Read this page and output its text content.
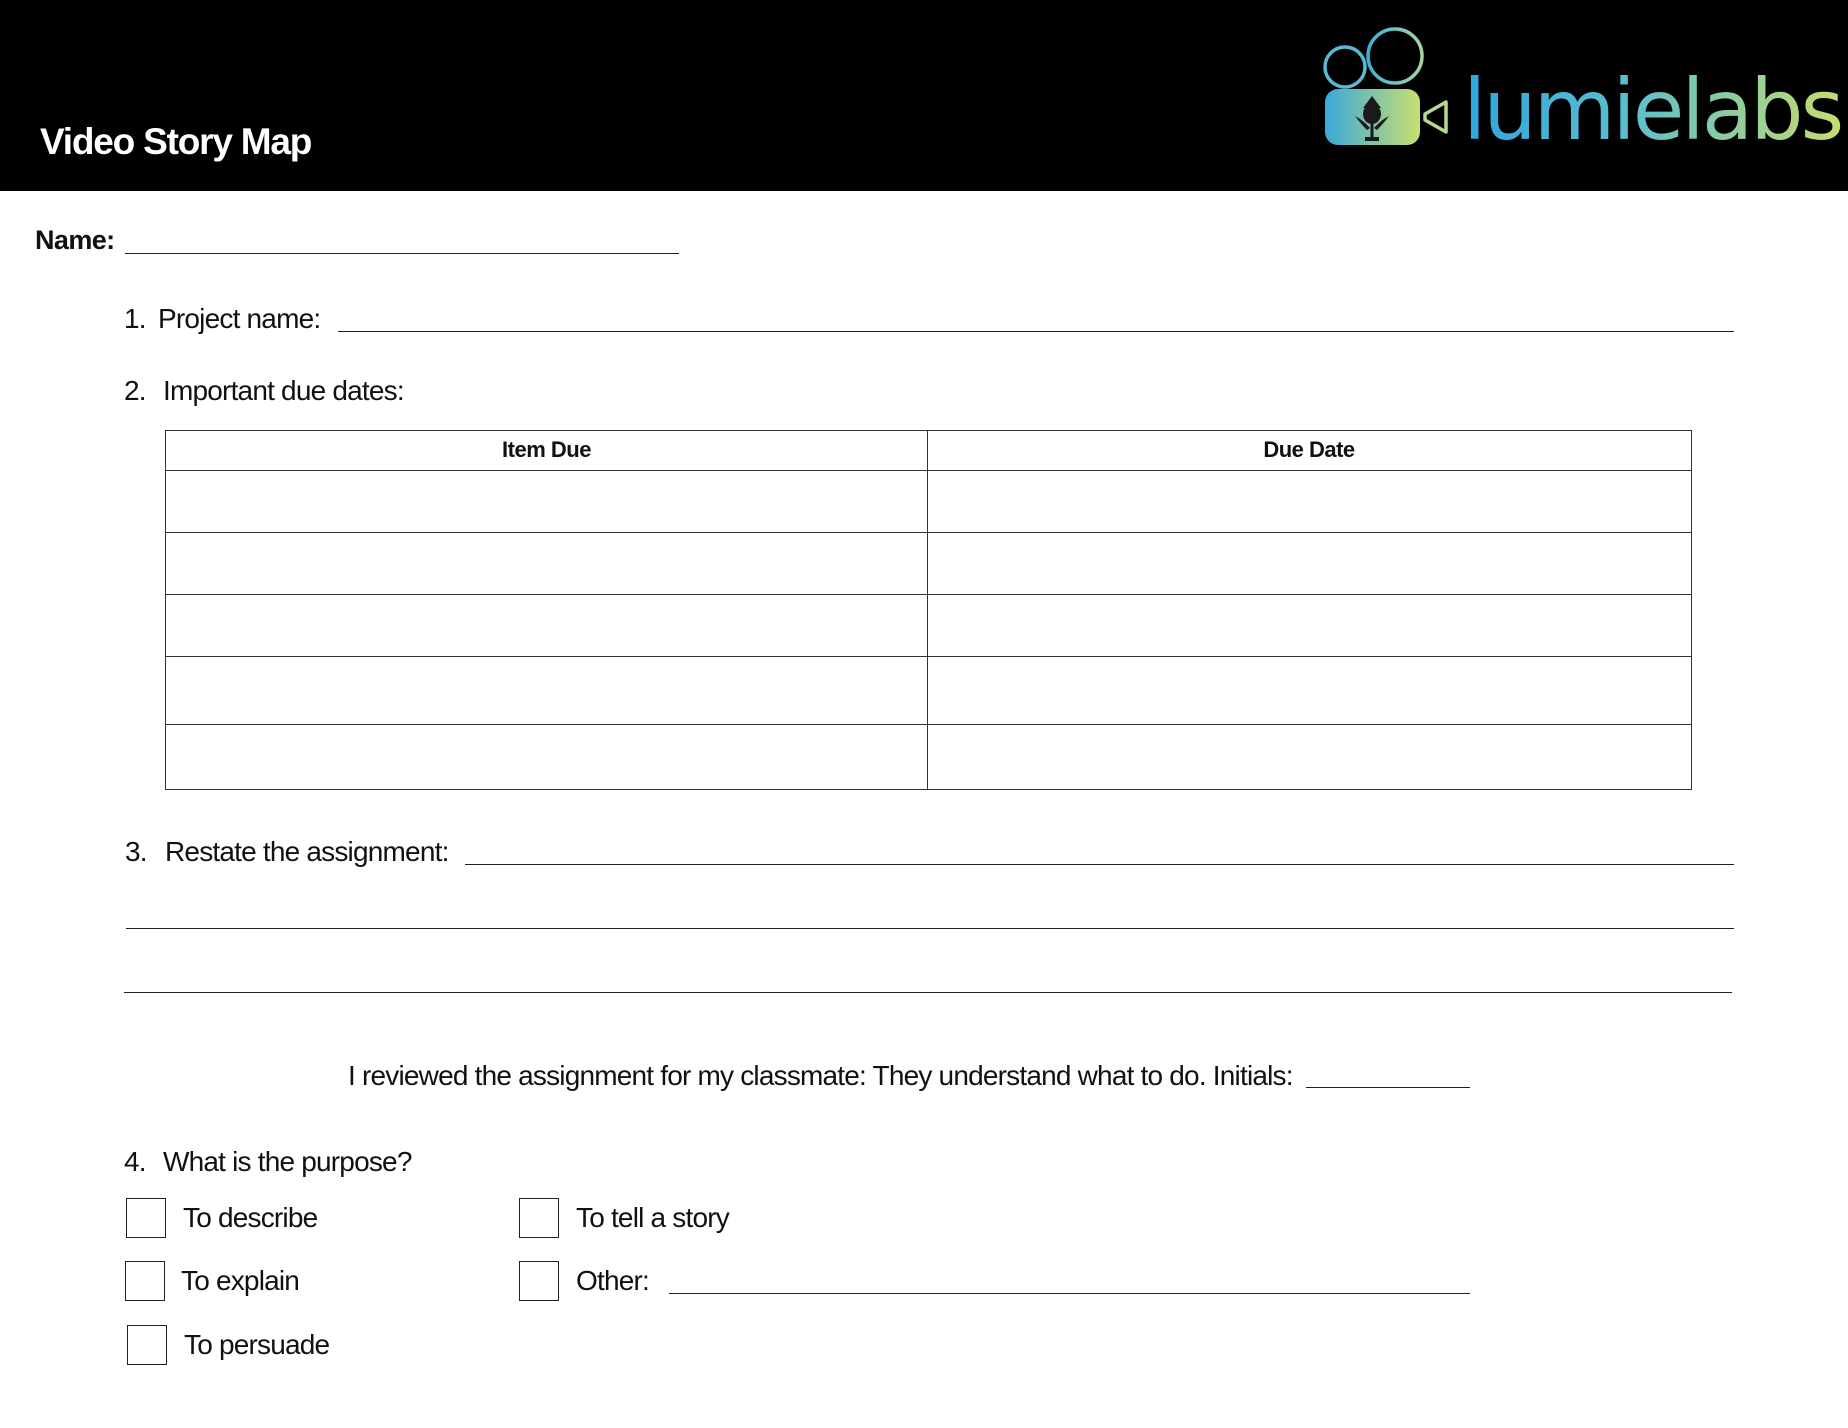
Video Story Map	lumielabs
Name:
1. Project name:
2. Important due dates:
Item Due	Due Date
3. Restate the assignment:
I reviewed the assignment for my classmate: They understand what to do. Initials:
4. What is the purpose?
To describe	To tell a story
To explain	Other:
To persuade
